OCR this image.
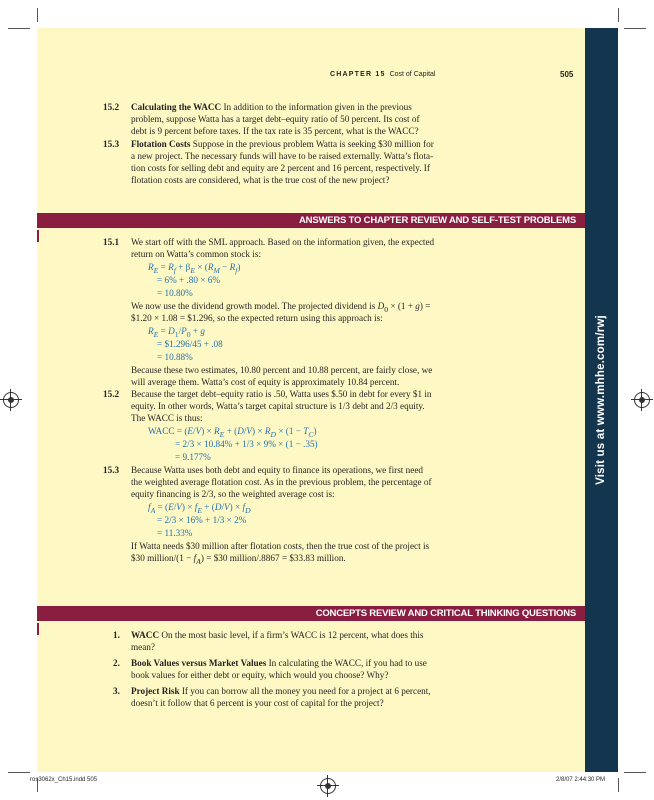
Visit us at www.mhhe.com/rwj
CHAPTER 15 Cost of Capital	505
15.2 Calculating the WACC In addition to the information given in the previous
problem, suppose Watta has a target debt–equity ratio of 50 percent. Its cost of
debt is 9 percent before taxes. If the tax rate is 35 percent, what is the WACC?
15.3 Flotation Costs Suppose in the previous problem Watta is seeking $30 million for
a new project. The necessary funds will have to be raised externally. Watta’s flota-
tion costs for selling debt and equity are 2 percent and 16 percent, respectively. If
flotation costs are considered, what is the true cost of the new project?
ANSWERS TO CHAPTER REVIEW AND SELF-TEST PROBLEMS
15.1 We start off with the SML approach. Based on the information given, the expected
return on Watta’s common stock is:
$R_E = R_f + \beta_E \times (R_M - R_f)$
= 6% + .80 × 6%
= 10.80%
We now use the dividend growth model. The projected dividend is $D_0 \times (1 + g)$ =
$1.20 × 1.08 = $1.296, so the expected return using this approach is:
$R_E = D_1/P_0 + g$
= $1.296/45 + .08
= 10.88%
Because these two estimates, 10.80 percent and 10.88 percent, are fairly close, we
will average them. Watta’s cost of equity is approximately 10.84 percent.
15.2 Because the target debt–equity ratio is .50, Watta uses $.50 in debt for every $1 in
equity. In other words, Watta’s target capital structure is 1/3 debt and 2/3 equity.
The WACC is thus:
WACC = $(E/V) \times R_E + (D/V) \times R_D \times (1 - T_C)$
= 2/3 × 10.84% + 1/3 × 9% × (1 − .35)
= 9.177%
15.3 Because Watta uses both debt and equity to finance its operations, we first need
the weighted average flotation cost. As in the previous problem, the percentage of
equity financing is 2/3, so the weighted average cost is:
$f_A = (E/V) \times f_E + (D/V) \times f_D$
= 2/3 × 16% + 1/3 × 2%
= 11.33%
If Watta needs $30 million after flotation costs, then the true cost of the project is
$30 million/(1 − $f_A$) = $30 million/.8867 = $33.83 million.
CONCEPTS REVIEW AND CRITICAL THINKING QUESTIONS
1. WACC On the most basic level, if a firm’s WACC is 12 percent, what does this
mean?
2. Book Values versus Market Values In calculating the WACC, if you had to use
book values for either debt or equity, which would you choose? Why?
3. Project Risk If you can borrow all the money you need for a project at 6 percent,
doesn’t it follow that 6 percent is your cost of capital for the project?
ros3062x_Ch15.indd 505	2/8/07 2:44:30 PM
